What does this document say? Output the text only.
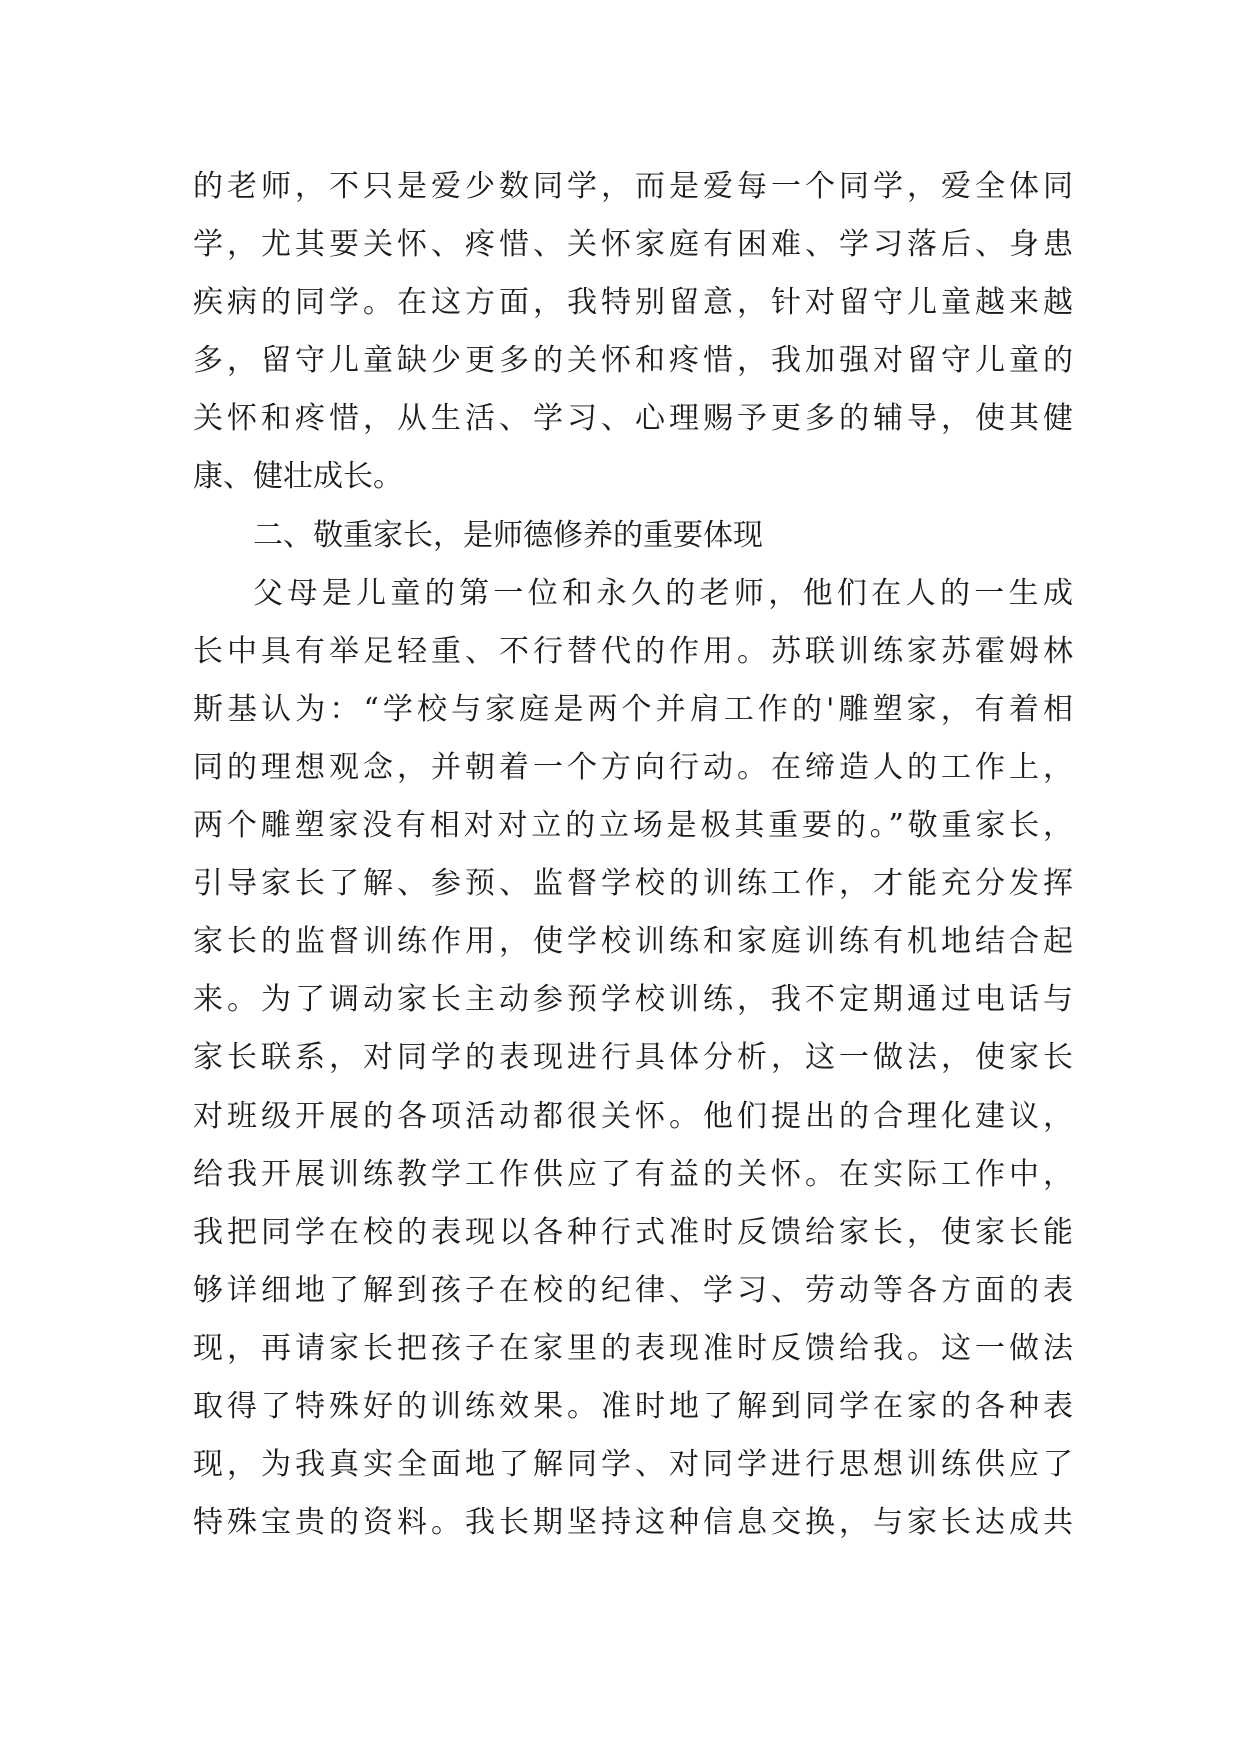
的老师，不只是爱少数同学，而是爱每一个同学，爱全体同
学，尤其要关怀、疼惜、关怀家庭有困难、学习落后、身患
疾病的同学。在这方面，我特别留意，针对留守儿童越来越
多，留守儿童缺少更多的关怀和疼惜，我加强对留守儿童的
关怀和疼惜，从生活、学习、心理赐予更多的辅导，使其健
康、健壮成长。
二、敬重家长，是师德修养的重要体现
父母是儿童的第一位和永久的老师，他们在人的一生成
长中具有举足轻重、不行替代的作用。苏联训练家苏霍姆林
斯基认为：“学校与家庭是两个并肩工作的'雕塑家，有着相
同的理想观念，并朝着一个方向行动。在缔造人的工作上，
两个雕塑家没有相对对立的立场是极其重要的。”敬重家长，
引导家长了解、参预、监督学校的训练工作，才能充分发挥
家长的监督训练作用，使学校训练和家庭训练有机地结合起
来。为了调动家长主动参预学校训练，我不定期通过电话与
家长联系，对同学的表现进行具体分析，这一做法，使家长
对班级开展的各项活动都很关怀。他们提出的合理化建议，
给我开展训练教学工作供应了有益的关怀。在实际工作中，
我把同学在校的表现以各种行式准时反馈给家长，使家长能
够详细地了解到孩子在校的纪律、学习、劳动等各方面的表
现，再请家长把孩子在家里的表现准时反馈给我。这一做法
取得了特殊好的训练效果。准时地了解到同学在家的各种表
现，为我真实全面地了解同学、对同学进行思想训练供应了
特殊宝贵的资料。我长期坚持这种信息交换，与家长达成共
